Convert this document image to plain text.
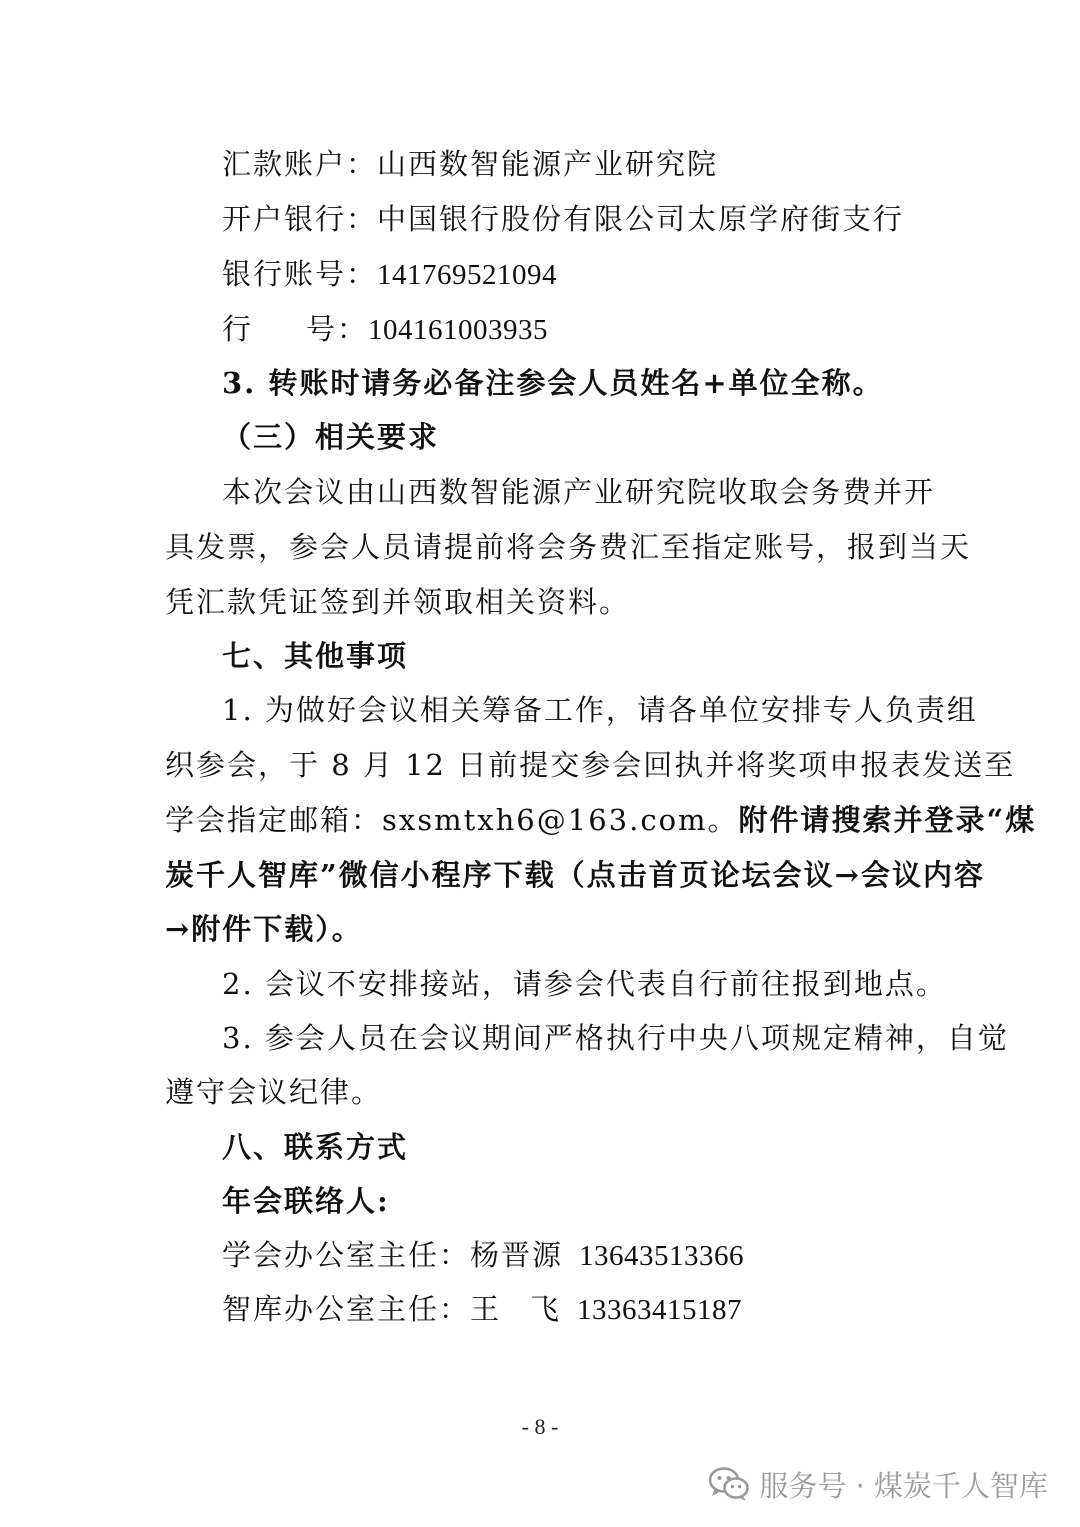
汇款账户：山西数智能源产业研究院
开户银行：中国银行股份有限公司太原学府街支行
银行账号：141769521094
行 号：104161003935
3. 转账时请务必备注参会人员姓名+单位全称。
（三）相关要求
本次会议由山西数智能源产业研究院收取会务费并开
具发票，参会人员请提前将会务费汇至指定账号，报到当天
凭汇款凭证签到并领取相关资料。
七、其他事项
1. 为做好会议相关筹备工作，请各单位安排专人负责组
织参会，于 8 月 12 日前提交参会回执并将奖项申报表发送至
学会指定邮箱：sxsmtxh6@163.com。附件请搜索并登录“煤
炭千人智库”微信小程序下载（点击首页论坛会议→会议内容
→附件下载）。
2. 会议不安排接站，请参会代表自行前往报到地点。
3. 参会人员在会议期间严格执行中央八项规定精神，自觉
遵守会议纪律。
八、联系方式
年会联络人:
学会办公室主任：杨晋源 13643513366
智库办公室主任：王 飞 13363415187
- 8 -
服务号 · 煤炭千人智库
